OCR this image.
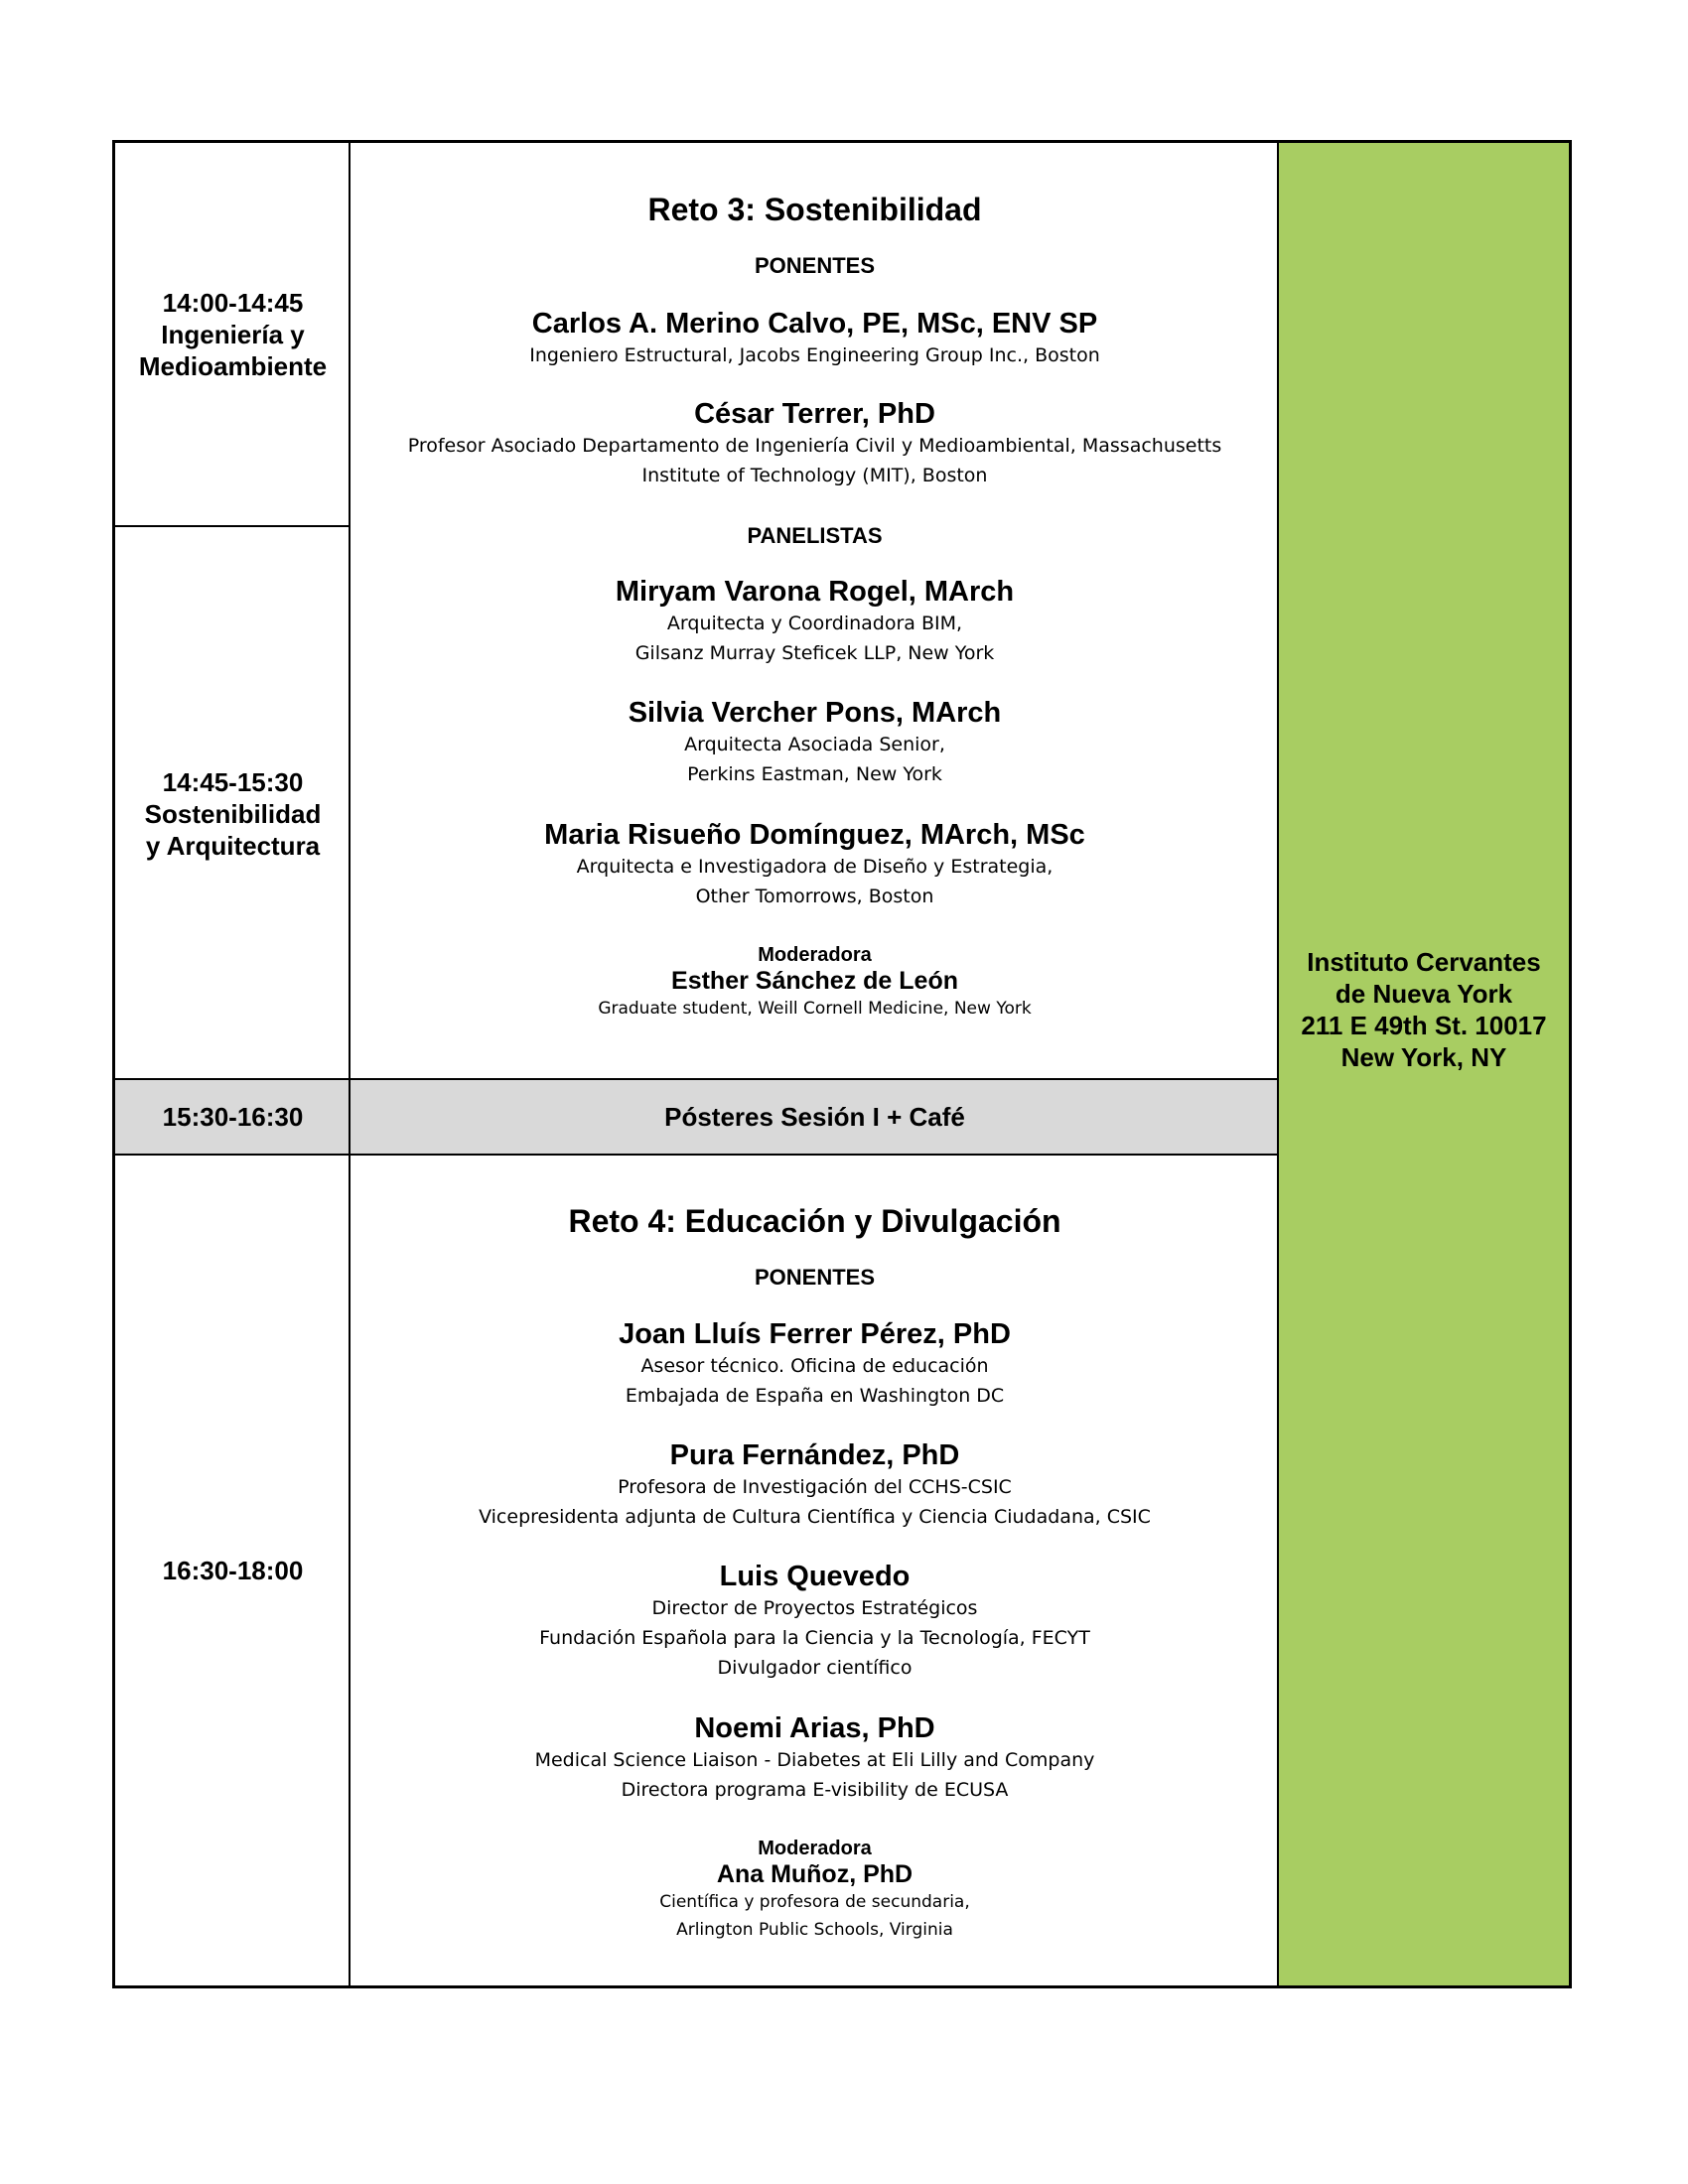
Instituto Cervantes
de Nueva York
211 E 49th St. 10017
New York, NY
15:30-16:30	Pósteres Sesión I + Café
14:00-14:45
Ingeniería y
Medioambiente
14:45-15:30
Sostenibilidad
y Arquitectura
16:30-18:00
Reto 3: Sostenibilidad
PONENTES
Carlos A. Merino Calvo, PE, MSc, ENV SP
Ingeniero Estructural, Jacobs Engineering Group Inc., Boston
César Terrer, PhD
Profesor Asociado Departamento de Ingeniería Civil y Medioambiental, Massachusetts
Institute of Technology (MIT), Boston
PANELISTAS
Miryam Varona Rogel, MArch
Arquitecta y Coordinadora BIM,
Gilsanz Murray Steficek LLP, New York
Silvia Vercher Pons, MArch
Arquitecta Asociada Senior,
Perkins Eastman, New York
Maria Risueño Domínguez, MArch, MSc
Arquitecta e Investigadora de Diseño y Estrategia,
Other Tomorrows, Boston
Moderadora
Esther Sánchez de León
Graduate student, Weill Cornell Medicine, New York
Reto 4: Educación y Divulgación
PONENTES
Joan Lluís Ferrer Pérez, PhD
Asesor técnico. Oficina de educación
Embajada de España en Washington DC
Pura Fernández, PhD
Profesora de Investigación del CCHS-CSIC
Vicepresidenta adjunta de Cultura Científica y Ciencia Ciudadana, CSIC
Luis Quevedo
Director de Proyectos Estratégicos
Fundación Española para la Ciencia y la Tecnología, FECYT
Divulgador científico
Noemi Arias, PhD
Medical Science Liaison - Diabetes at Eli Lilly and Company
Directora programa E-visibility de ECUSA
Moderadora
Ana Muñoz, PhD
Científica y profesora de secundaria,
Arlington Public Schools, Virginia
